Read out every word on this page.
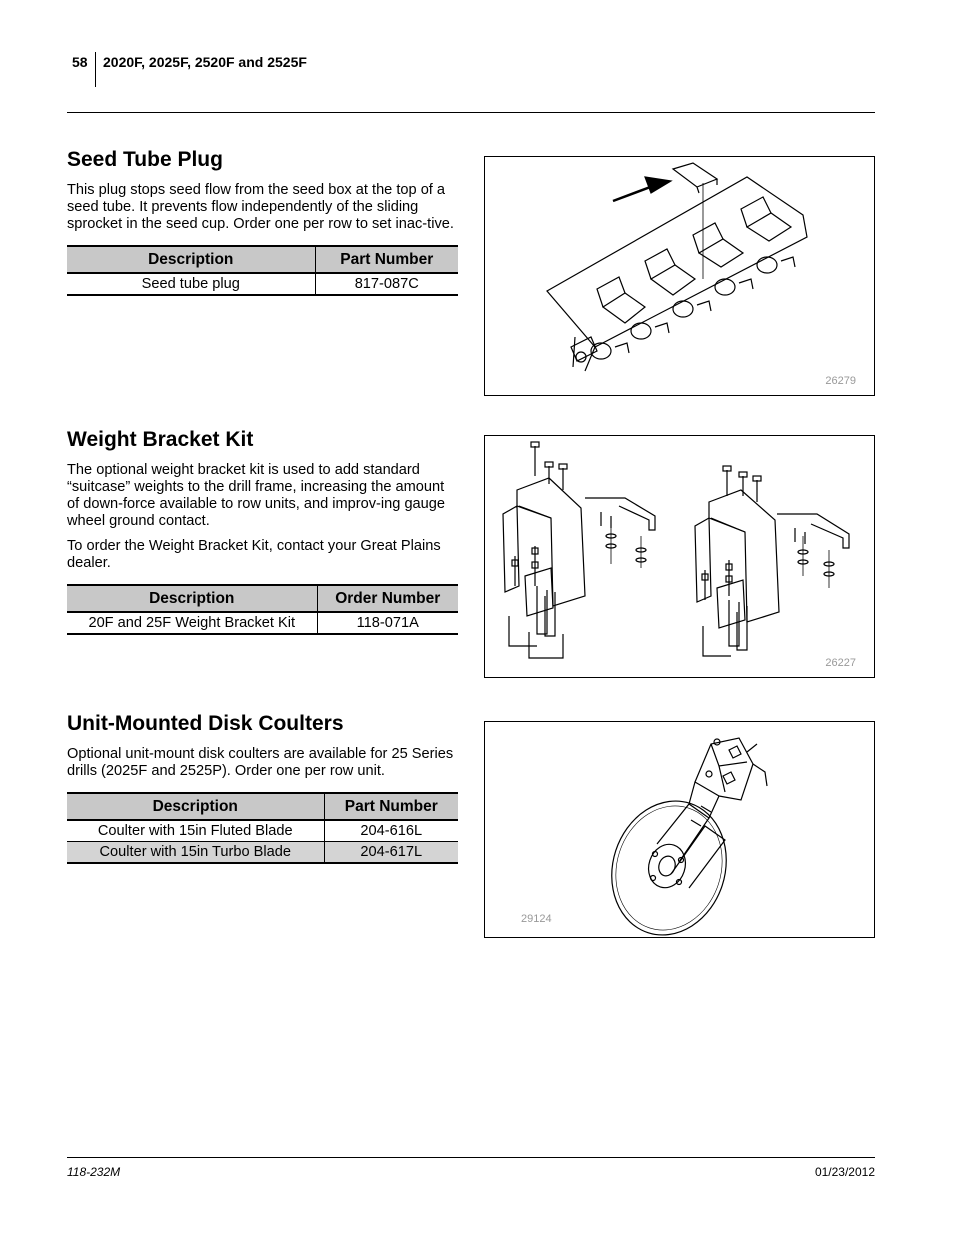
58 2020F, 2025F, 2520F and 2525F
Seed Tube Plug

This plug stops seed flow from the seed box at the top of a seed tube. It prevents flow independently of the sliding sprocket in the seed cup. Order one per row to set inac-tive.

Description	Part Number
Seed tube plug	817-087C
26279
Weight Bracket Kit

The optional weight bracket kit is used to add standard “suitcase” weights to the drill frame, increasing the amount of down-force available to row units, and improv-ing gauge wheel ground contact.

To order the Weight Bracket Kit, contact your Great Plains dealer.

Description	Order Number
20F and 25F Weight Bracket Kit	118-071A
26227
Unit-Mounted Disk Coulters

Optional unit-mount disk coulters are available for 25 Series drills (2025F and 2525P). Order one per row unit.

Description	Part Number
Coulter with 15in Fluted Blade	204-616L
Coulter with 15in Turbo Blade	204-617L
29124
118-232M	01/23/2012
